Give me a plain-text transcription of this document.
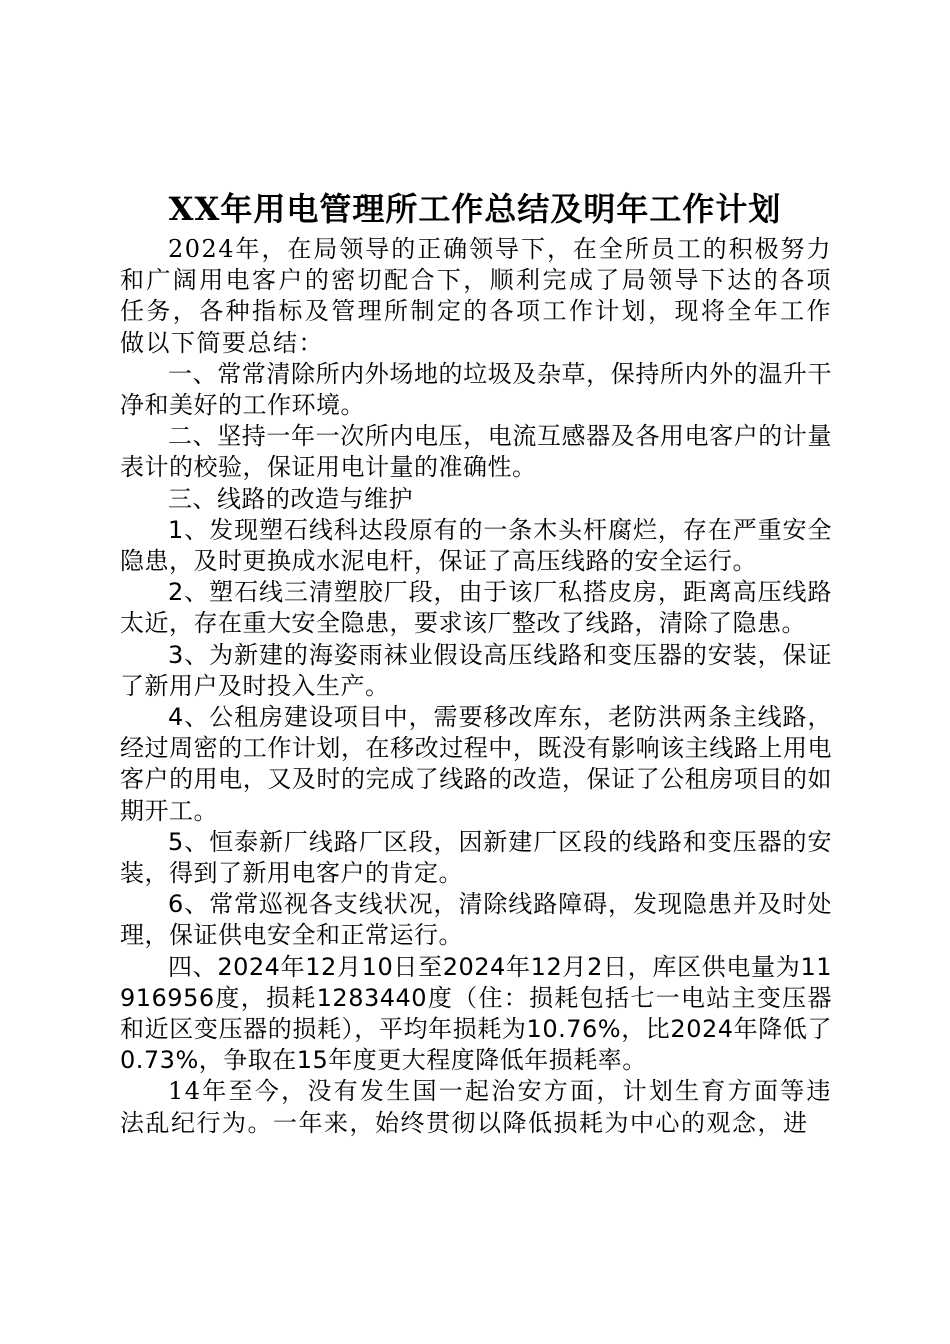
XX年用电管理所工作总结及明年工作计划

2024年，在局领导的正确领导下，在全所员工的积极努力和广阔用电客户的密切配合下，顺利完成了局领导下达的各项任务，各种指标及管理所制定的各项工作计划，现将全年工作做以下简要总结：

一、常常清除所内外场地的垃圾及杂草，保持所内外的温升干净和美好的工作环境。

二、坚持一年一次所内电压，电流互感器及各用电客户的计量表计的校验，保证用电计量的准确性。

三、线路的改造与维护

1、发现塑石线科达段原有的一条木头杆腐烂，存在严重安全隐患，及时更换成水泥电杆，保证了高压线路的安全运行。

2、塑石线三清塑胶厂段，由于该厂私搭皮房，距离高压线路太近，存在重大安全隐患，要求该厂整改了线路，清除了隐患。

3、为新建的海姿雨袜业假设高压线路和变压器的安装，保证了新用户及时投入生产。

4、公租房建设项目中，需要移改库东，老防洪两条主线路，经过周密的工作计划，在移改过程中，既没有影响该主线路上用电客户的用电，又及时的完成了线路的改造，保证了公租房项目的如期开工。

5、恒泰新厂线路厂区段，因新建厂区段的线路和变压器的安装，得到了新用电客户的肯定。

6、常常巡视各支线状况，清除线路障碍，发现隐患并及时处理，保证供电安全和正常运行。

四、2024年12月10日至2024年12月2日，库区供电量为11916956度，损耗1283440度（住：损耗包括七一电站主变压器和近区变压器的损耗），平均年损耗为10.76%，比2024年降低了0.73%，争取在15年度更大程度降低年损耗率。

14年至今，没有发生国一起治安方面，计划生育方面等违法乱纪行为。一年来，始终贯彻以降低损耗为中心的观念，进
